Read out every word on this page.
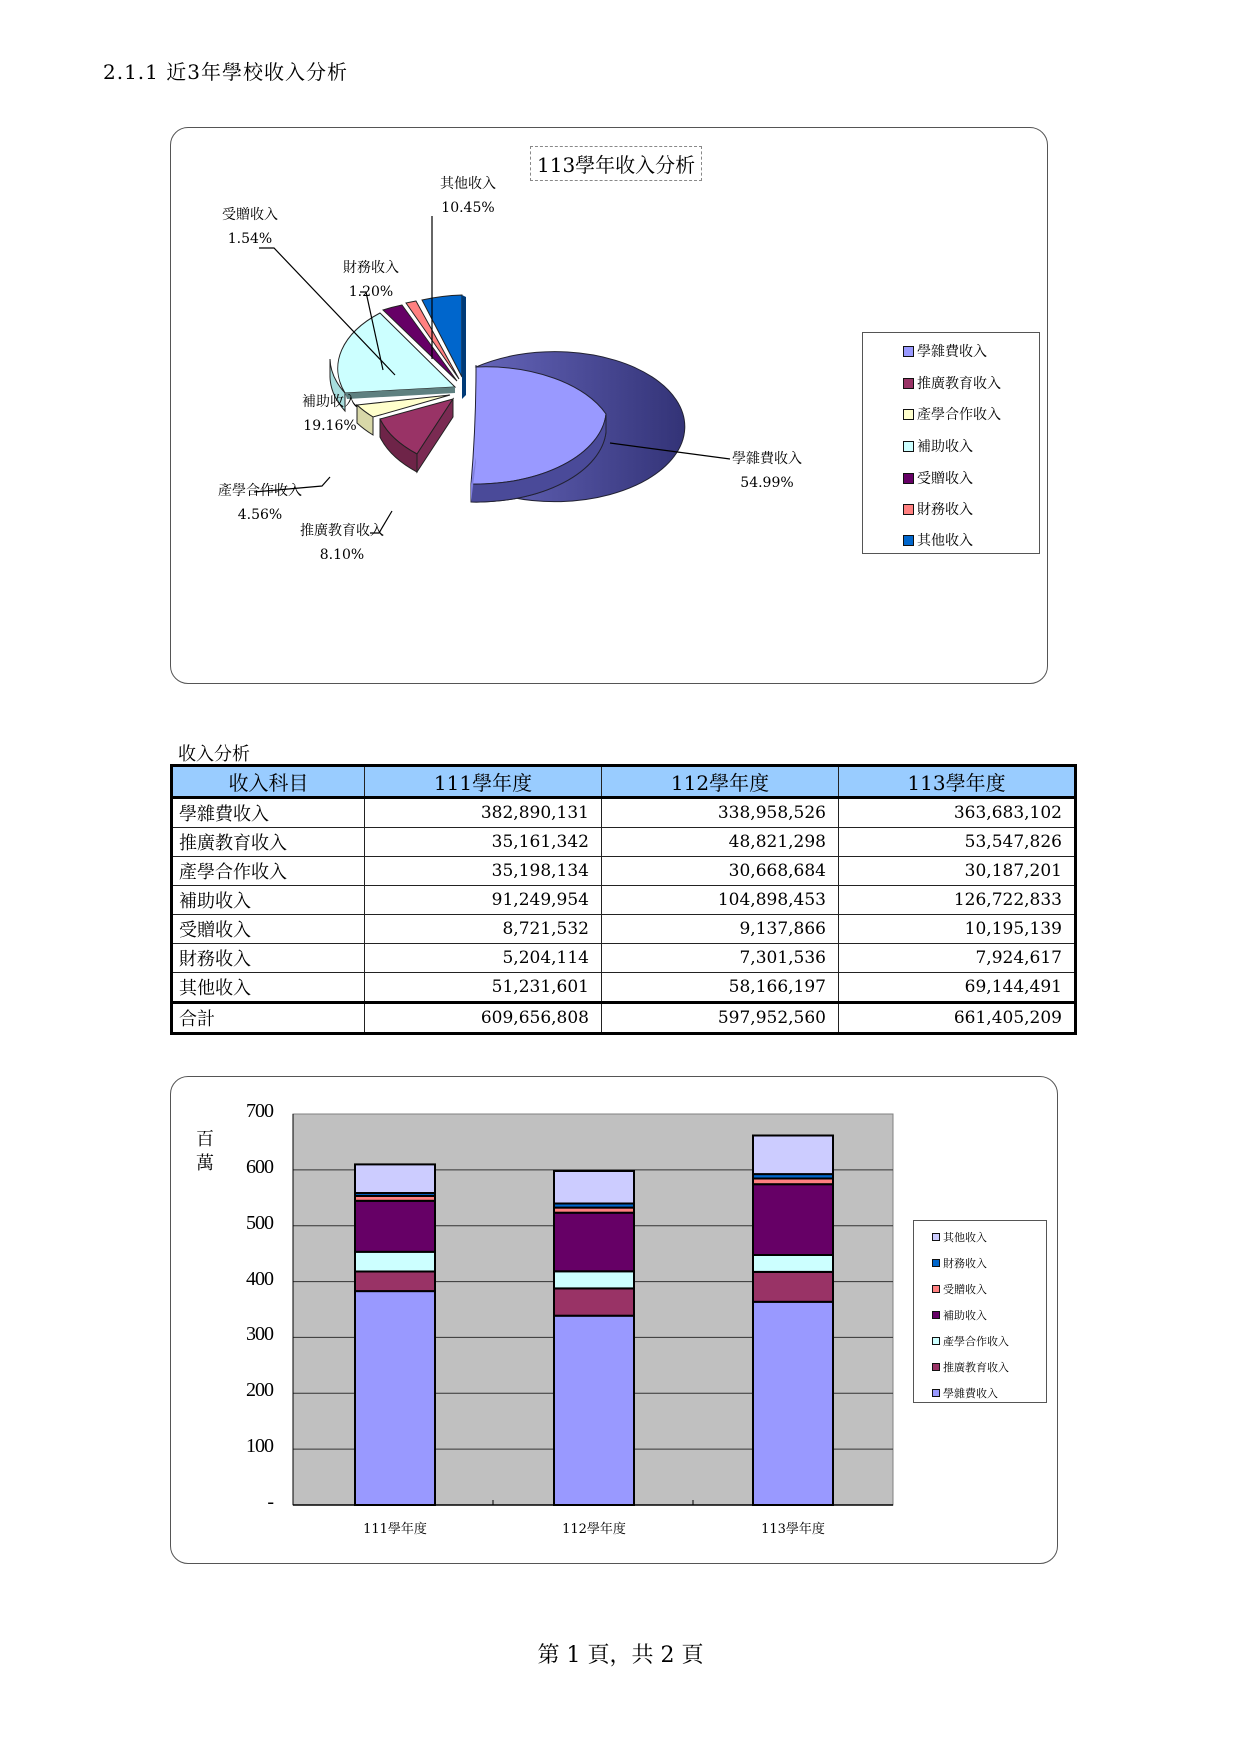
2.1.1 近3年學校收入分析
113學年收入分析
其他收入
10.45%
受贈收入
1.54%
財務收入
1.20%
補助收入
19.16%
產學合作收入
4.56%
推廣教育收入
8.10%
學雜費收入
54.99%
學雜費收入
推廣教育收入
產學合作收入
補助收入
受贈收入
財務收入
其他收入
收入分析
收入科目	111學年度	112學年度	113學年度
學雜費收入	382,890,131	338,958,526	363,683,102
推廣教育收入	35,161,342	48,821,298	53,547,826
產學合作收入	35,198,134	30,668,684	30,187,201
補助收入	91,249,954	104,898,453	126,722,833
受贈收入	8,721,532	9,137,866	10,195,139
財務收入	5,204,114	7,301,536	7,924,617
其他收入	51,231,601	58,166,197	69,144,491
合計	609,656,808	597,952,560	661,405,209
百萬
-
100
200
300
400
500
600
700
111學年度	112學年度	113學年度
其他收入
財務收入
受贈收入
補助收入
產學合作收入
推廣教育收入
學雜費收入
第 1 頁，共 2 頁
